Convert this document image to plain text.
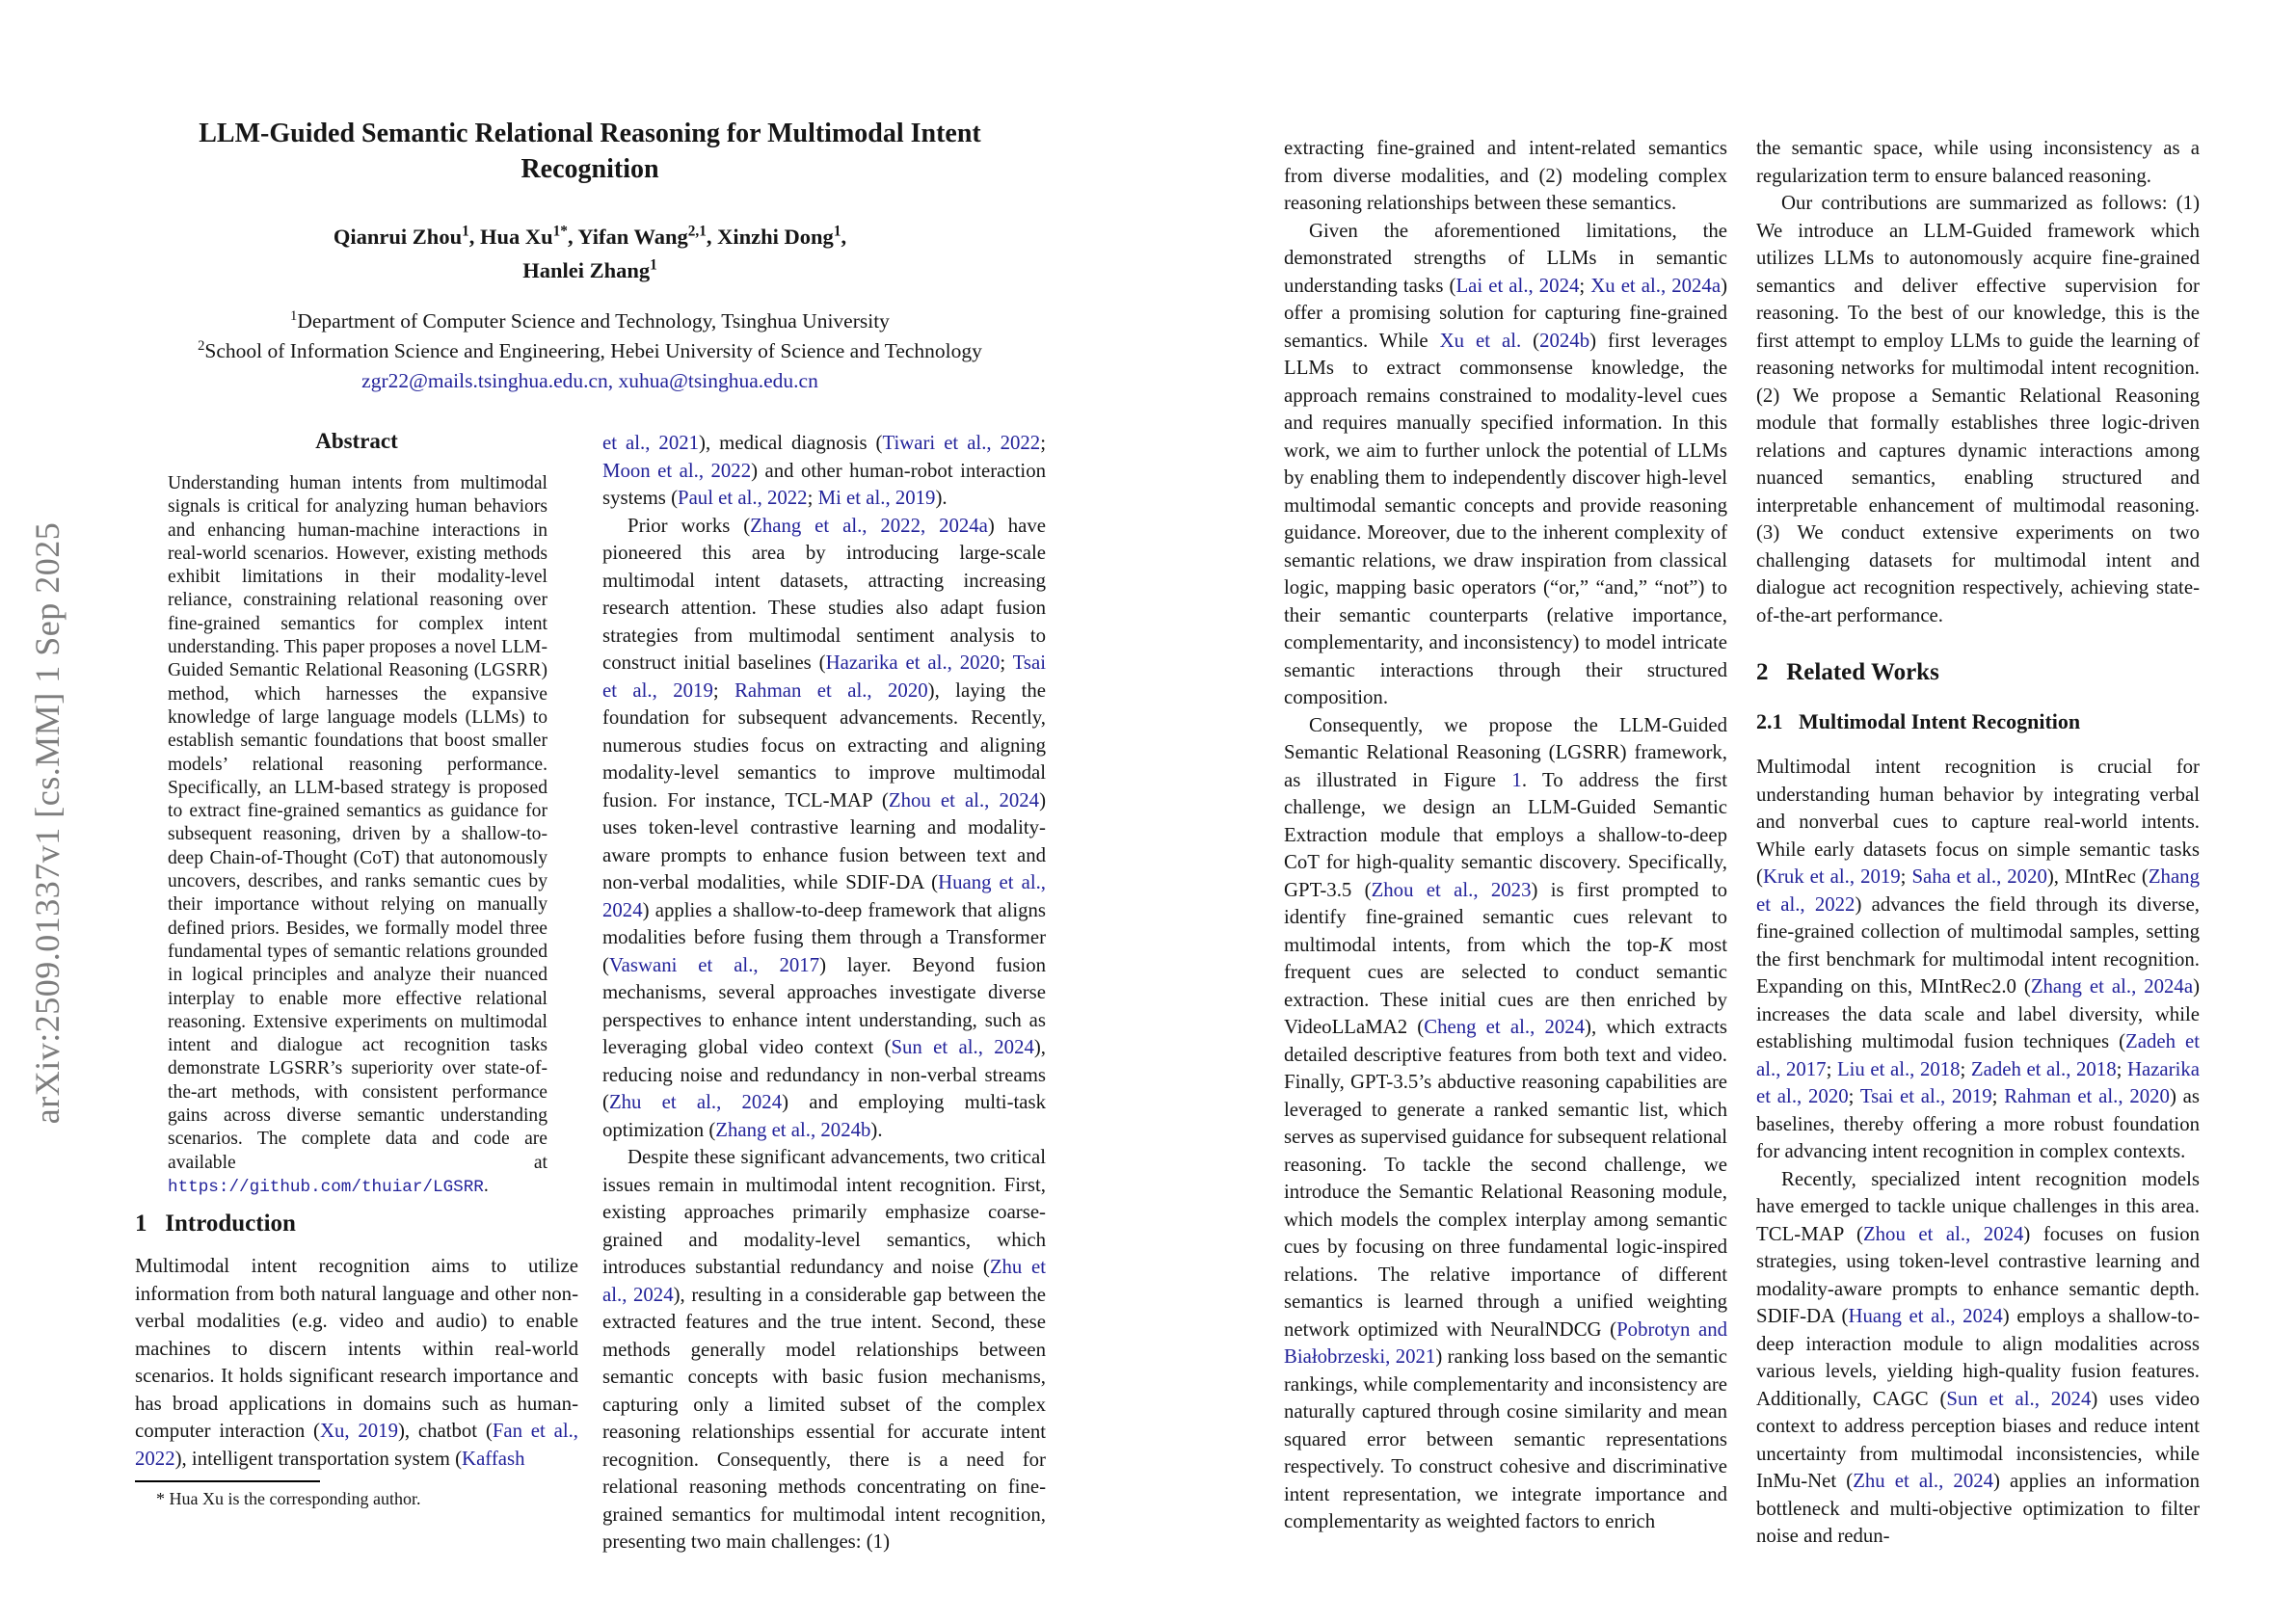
arXiv:2509.01337v1 [cs.MM] 1 Sep 2025
LLM-Guided Semantic Relational Reasoning for Multimodal Intent
Recognition
Qianrui Zhou$^1$, Hua $Xu^{1*}$, Yifan Wang$^{2,1}$, Xinzhi Dong$^1$,
Hanlei Zhang$^1$
$^1$Department of Computer Science and Technology, Tsinghua University
$^2$School of Information Science and Engineering, Hebei University of Science and Technology
zgr22@mails.tsinghua.edu.cn, xuhua@tsinghua.edu.cn
Abstract
Understanding human intents from multimodal signals is critical for analyzing human behaviors and enhancing human-machine interactions in real-world scenarios. However, existing methods exhibit limitations in their modality-level reliance, constraining relational reasoning over fine-grained semantics for complex intent understanding. This paper proposes a novel LLM-Guided Semantic Relational Reasoning (LGSRR) method, which harnesses the expansive knowledge of large language models (LLMs) to establish semantic foundations that boost smaller models’ relational reasoning performance. Specifically, an LLM-based strategy is proposed to extract fine-grained semantics as guidance for subsequent reasoning, driven by a shallow-to-deep Chain-of-Thought (CoT) that autonomously uncovers, describes, and ranks semantic cues by their importance without relying on manually defined priors. Besides, we formally model three fundamental types of semantic relations grounded in logical principles and analyze their nuanced interplay to enable more effective relational reasoning. Extensive experiments on multimodal intent and dialogue act recognition tasks demonstrate LGSRR’s superiority over state-of-the-art methods, with consistent performance gains across diverse semantic understanding scenarios. The complete data and code are available at https://github.com/thuiar/LGSRR.
1   Introduction

Multimodal intent recognition aims to utilize information from both natural language and other non-verbal modalities (e.g. video and audio) to enable machines to discern intents within real-world scenarios. It holds significant research importance and has broad applications in domains such as human-computer interaction (Xu, 2019), chatbot (Fan et al., 2022), intelligent transportation system (Kaffash

* Hua Xu is the corresponding author.

et al., 2021), medical diagnosis (Tiwari et al., 2022; Moon et al., 2022) and other human-robot interaction systems (Paul et al., 2022; Mi et al., 2019).

Prior works (Zhang et al., 2022, 2024a) have pioneered this area by introducing large-scale multimodal intent datasets, attracting increasing research attention. These studies also adapt fusion strategies from multimodal sentiment analysis to construct initial baselines (Hazarika et al., 2020; Tsai et al., 2019; Rahman et al., 2020), laying the foundation for subsequent advancements. Recently, numerous studies focus on extracting and aligning modality-level semantics to improve multimodal fusion. For instance, TCL-MAP (Zhou et al., 2024) uses token-level contrastive learning and modality-aware prompts to enhance fusion between text and non-verbal modalities, while SDIF-DA (Huang et al., 2024) applies a shallow-to-deep framework that aligns modalities before fusing them through a Transformer (Vaswani et al., 2017) layer. Beyond fusion mechanisms, several approaches investigate diverse perspectives to enhance intent understanding, such as leveraging global video context (Sun et al., 2024), reducing noise and redundancy in non-verbal streams (Zhu et al., 2024) and employing multi-task optimization (Zhang et al., 2024b).

Despite these significant advancements, two critical issues remain in multimodal intent recognition. First, existing approaches primarily emphasize coarse-grained and modality-level semantics, which introduces substantial redundancy and noise (Zhu et al., 2024), resulting in a considerable gap between the extracted features and the true intent. Second, these methods generally model relationships between semantic concepts with basic fusion mechanisms, capturing only a limited subset of the complex reasoning relationships essential for accurate intent recognition. Consequently, there is a need for relational reasoning methods concentrating on fine-grained semantics for multimodal intent recognition, presenting two main challenges: (1)

extracting fine-grained and intent-related semantics from diverse modalities, and (2) modeling complex reasoning relationships between these semantics.

Given the aforementioned limitations, the demonstrated strengths of LLMs in semantic understanding tasks (Lai et al., 2024; Xu et al., 2024a) offer a promising solution for capturing fine-grained semantics. While Xu et al. (2024b) first leverages LLMs to extract commonsense knowledge, the approach remains constrained to modality-level cues and requires manually specified information. In this work, we aim to further unlock the potential of LLMs by enabling them to independently discover high-level multimodal semantic concepts and provide reasoning guidance. Moreover, due to the inherent complexity of semantic relations, we draw inspiration from classical logic, mapping basic operators (“or,” “and,” “not”) to their semantic counterparts (relative importance, complementarity, and inconsistency) to model intricate semantic interactions through their structured composition.

Consequently, we propose the LLM-Guided Semantic Relational Reasoning (LGSRR) framework, as illustrated in Figure 1. To address the first challenge, we design an LLM-Guided Semantic Extraction module that employs a shallow-to-deep CoT for high-quality semantic discovery. Specifically, GPT-3.5 (Zhou et al., 2023) is first prompted to identify fine-grained semantic cues relevant to multimodal intents, from which the top-K most frequent cues are selected to conduct semantic extraction. These initial cues are then enriched by VideoLLaMA2 (Cheng et al., 2024), which extracts detailed descriptive features from both text and video. Finally, GPT-3.5’s abductive reasoning capabilities are leveraged to generate a ranked semantic list, which serves as supervised guidance for subsequent relational reasoning. To tackle the second challenge, we introduce the Semantic Relational Reasoning module, which models the complex interplay among semantic cues by focusing on three fundamental logic-inspired relations. The relative importance of different semantics is learned through a unified weighting network optimized with NeuralNDCG (Pobrotyn and Białobrzeski, 2021) ranking loss based on the semantic rankings, while complementarity and inconsistency are naturally captured through cosine similarity and mean squared error between semantic representations respectively. To construct cohesive and discriminative intent representation, we integrate importance and complementarity as weighted factors to enrich

the semantic space, while using inconsistency as a regularization term to ensure balanced reasoning.

Our contributions are summarized as follows: (1) We introduce an LLM-Guided framework which utilizes LLMs to autonomously acquire fine-grained semantics and deliver effective supervision for reasoning. To the best of our knowledge, this is the first attempt to employ LLMs to guide the learning of reasoning networks for multimodal intent recognition. (2) We propose a Semantic Relational Reasoning module that formally establishes three logic-driven relations and captures dynamic interactions among nuanced semantics, enabling structured and interpretable enhancement of multimodal reasoning. (3) We conduct extensive experiments on two challenging datasets for multimodal intent and dialogue act recognition respectively, achieving state-of-the-art performance.

2   Related Works
2.1   Multimodal Intent Recognition

Multimodal intent recognition is crucial for understanding human behavior by integrating verbal and nonverbal cues to capture real-world intents. While early datasets focus on simple semantic tasks (Kruk et al., 2019; Saha et al., 2020), MIntRec (Zhang et al., 2022) advances the field through its diverse, fine-grained collection of multimodal samples, setting the first benchmark for multimodal intent recognition. Expanding on this, MIntRec2.0 (Zhang et al., 2024a) increases the data scale and label diversity, while establishing multimodal fusion techniques (Zadeh et al., 2017; Liu et al., 2018; Zadeh et al., 2018; Hazarika et al., 2020; Tsai et al., 2019; Rahman et al., 2020) as baselines, thereby offering a more robust foundation for advancing intent recognition in complex contexts.

Recently, specialized intent recognition models have emerged to tackle unique challenges in this area. TCL-MAP (Zhou et al., 2024) focuses on fusion strategies, using token-level contrastive learning and modality-aware prompts to enhance semantic depth. SDIF-DA (Huang et al., 2024) employs a shallow-to-deep interaction module to align modalities across various levels, yielding high-quality fusion features. Additionally, CAGC (Sun et al., 2024) uses video context to address perception biases and reduce intent uncertainty from multimodal inconsistencies, while InMu-Net (Zhu et al., 2024) applies an information bottleneck and multi-objective optimization to filter noise and redun-
